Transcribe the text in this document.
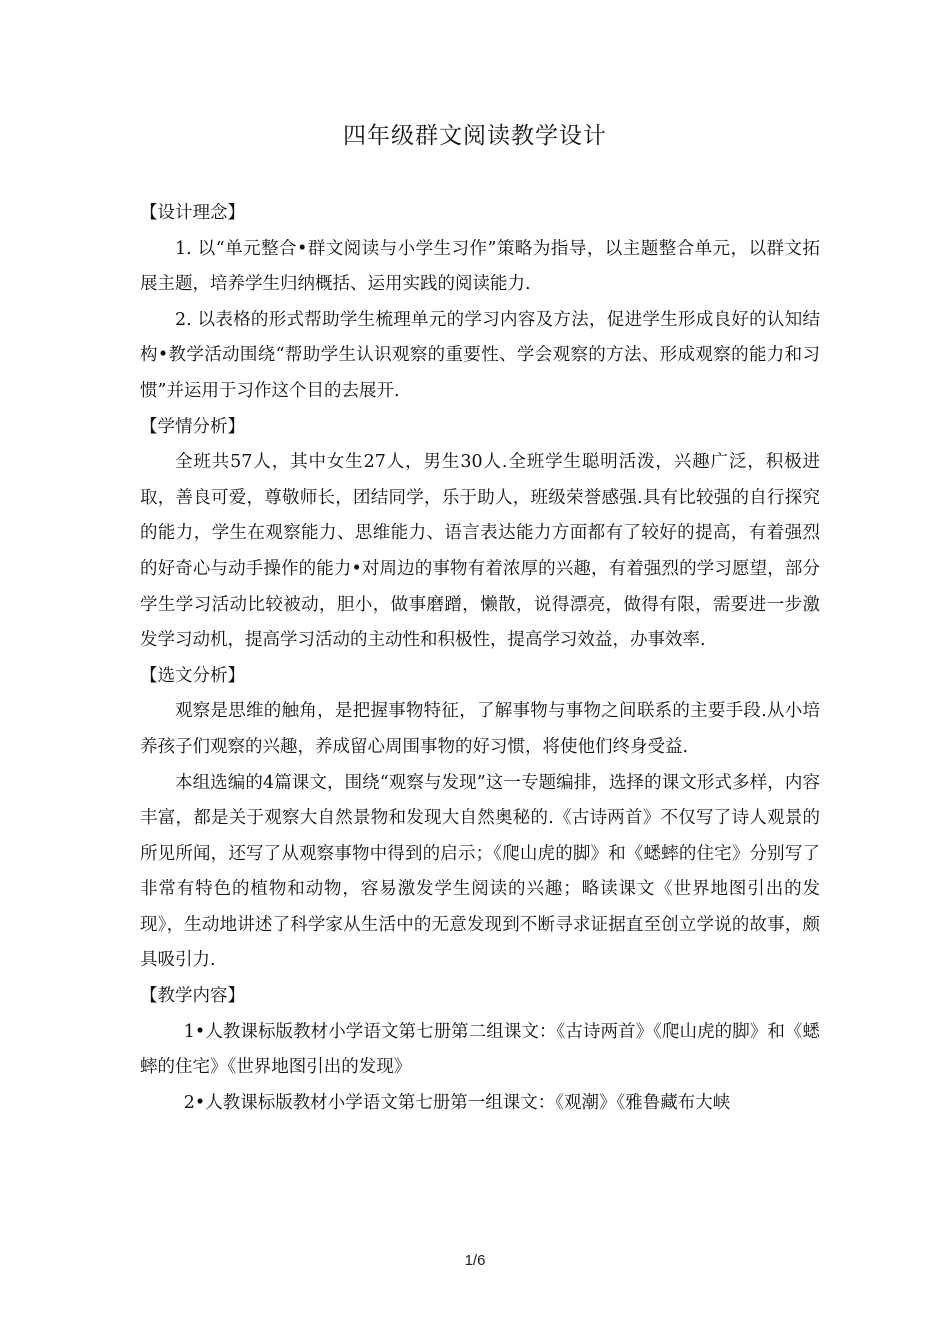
四年级群文阅读教学设计

【设计理念】

1. 以“单元整合•群文阅读与小学生习作”策略为指导，以主题整合单元，以群文拓展主题，培养学生归纳概括、运用实践的阅读能力.

2. 以表格的形式帮助学生梳理单元的学习内容及方法，促进学生形成良好的认知结构•教学活动围绕“帮助学生认识观察的重要性、学会观察的方法、形成观察的能力和习惯”并运用于习作这个目的去展开.

【学情分析】

全班共57人，其中女生27人，男生30人.全班学生聪明活泼，兴趣广泛，积极进取，善良可爱，尊敬师长，团结同学，乐于助人，班级荣誉感强.具有比较强的自行探究的能力，学生在观察能力、思维能力、语言表达能力方面都有了较好的提高，有着强烈的好奇心与动手操作的能力•对周边的事物有着浓厚的兴趣，有着强烈的学习愿望，部分学生学习活动比较被动，胆小，做事磨蹭，懒散，说得漂亮，做得有限，需要进一步激发学习动机，提高学习活动的主动性和积极性，提高学习效益，办事效率.

【选文分析】

观察是思维的触角，是把握事物特征，了解事物与事物之间联系的主要手段.从小培养孩子们观察的兴趣，养成留心周围事物的好习惯，将使他们终身受益.

本组选编的4篇课文，围绕“观察与发现”这一专题编排，选择的课文形式多样，内容丰富，都是关于观察大自然景物和发现大自然奥秘的.《古诗两首》不仅写了诗人观景的所见所闻，还写了从观察事物中得到的启示；《爬山虎的脚》和《蟋蟀的住宅》分别写了非常有特色的植物和动物，容易激发学生阅读的兴趣；略读课文《世界地图引出的发现》，生动地讲述了科学家从生活中的无意发现到不断寻求证据直至创立学说的故事，颇具吸引力.

【教学内容】

1•人教课标版教材小学语文第七册第二组课文：《古诗两首》《爬山虎的脚》和《蟋蟀的住宅》《世界地图引出的发现》

2•人教课标版教材小学语文第七册第一组课文：《观潮》《雅鲁藏布大峡

1/6
